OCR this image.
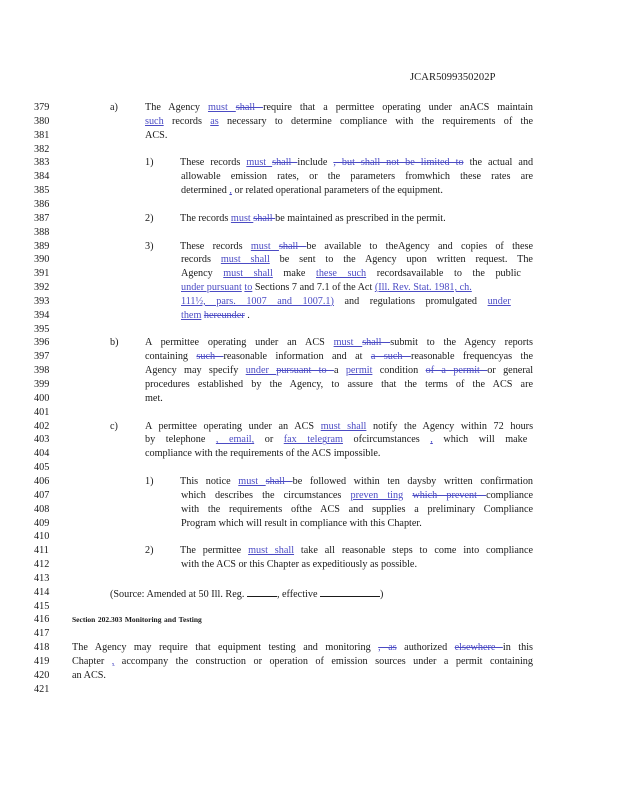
JCAR5099350202P
379	a)	The Agency must shall require that a permittee operating under anACS maintain
380	such records as necessary to determine compliance with the requirements of the
381	ACS.
382
383	1)	These records must shall include , but shall not be limited to the actual and
384	allowable emission rates, or the parameters fromwhich these rates are
385	determined , or related operational parameters of the equipment.
386
387	2)	The records must shall be maintained as prescribed in the permit.
388
389	3)	These records must shall be available to theAgency and copies of these
390	records must shall be sent to the Agency upon written request. The
391	Agency must shall make these such recordsavailable to the public
392	under pursuant to Sections 7 and 7.1 of the Act (Ill. Rev. Stat. 1981, ch.
393	111½, pars. 1007 and 1007.1) and regulations promulgated under
394	them hereunder .
395
396	b)	A permittee operating under an ACS must shall submit to the Agency reports
397	containing such reasonable information and at a such reasonable frequencyas the
398	Agency may specify under pursuant to a permit condition of a permit or general
399	procedures established by the Agency, to assure that the terms of the ACS are
400	met.
401
402	c)	A permittee operating under an ACS must shall notify the Agency within 72 hours
403	by telephone , email, or fax telegram ofcircumstances , which will make
404	compliance with the requirements of the ACS impossible.
405
406	1)	This notice must shall be followed within ten daysby written confirmation
407	which describes the circumstances preven ting which prevent compliance
408	with the requirements ofthe ACS and supplies a preliminary Compliance
409	Program which will result in compliance with this Chapter.
410
411	2)	The permittee must shall take all reasonable steps to come into compliance
412	with the ACS or this Chapter as expeditiously as possible.
413
414	(Source: Amended at 50 Ill. Reg.	, effective	)
415
416	Section 202.303 Monitoring and Testing
417
418	The Agency may require that equipment testing and monitoring , as authorized elsewhere in this
419	Chapter , accompany the construction or operation of emission sources under a permit containing
420	an ACS.
421
